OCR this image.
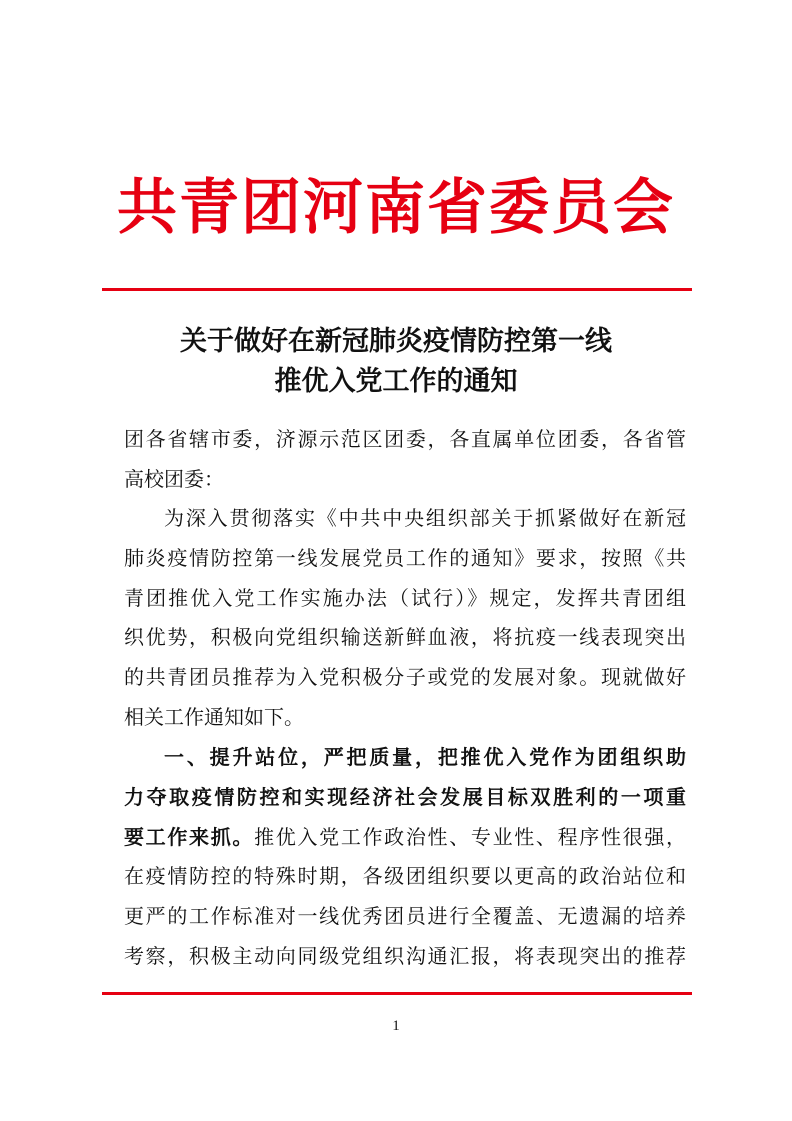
共青团河南省委员会
关于做好在新冠肺炎疫情防控第一线
推优入党工作的通知
团各省辖市委，济源示范区团委，各直属单位团委，各省管
高校团委：
为深入贯彻落实《中共中央组织部关于抓紧做好在新冠
肺炎疫情防控第一线发展党员工作的通知》要求，按照《共
青团推优入党工作实施办法（试行）》规定，发挥共青团组
织优势，积极向党组织输送新鲜血液，将抗疫一线表现突出
的共青团员推荐为入党积极分子或党的发展对象。现就做好
相关工作通知如下。
一、提升站位，严把质量，把推优入党作为团组织助
力夺取疫情防控和实现经济社会发展目标双胜利的一项重
要工作来抓。推优入党工作政治性、专业性、程序性很强，
在疫情防控的特殊时期，各级团组织要以更高的政治站位和
更严的工作标准对一线优秀团员进行全覆盖、无遗漏的培养
考察，积极主动向同级党组织沟通汇报，将表现突出的推荐
1
